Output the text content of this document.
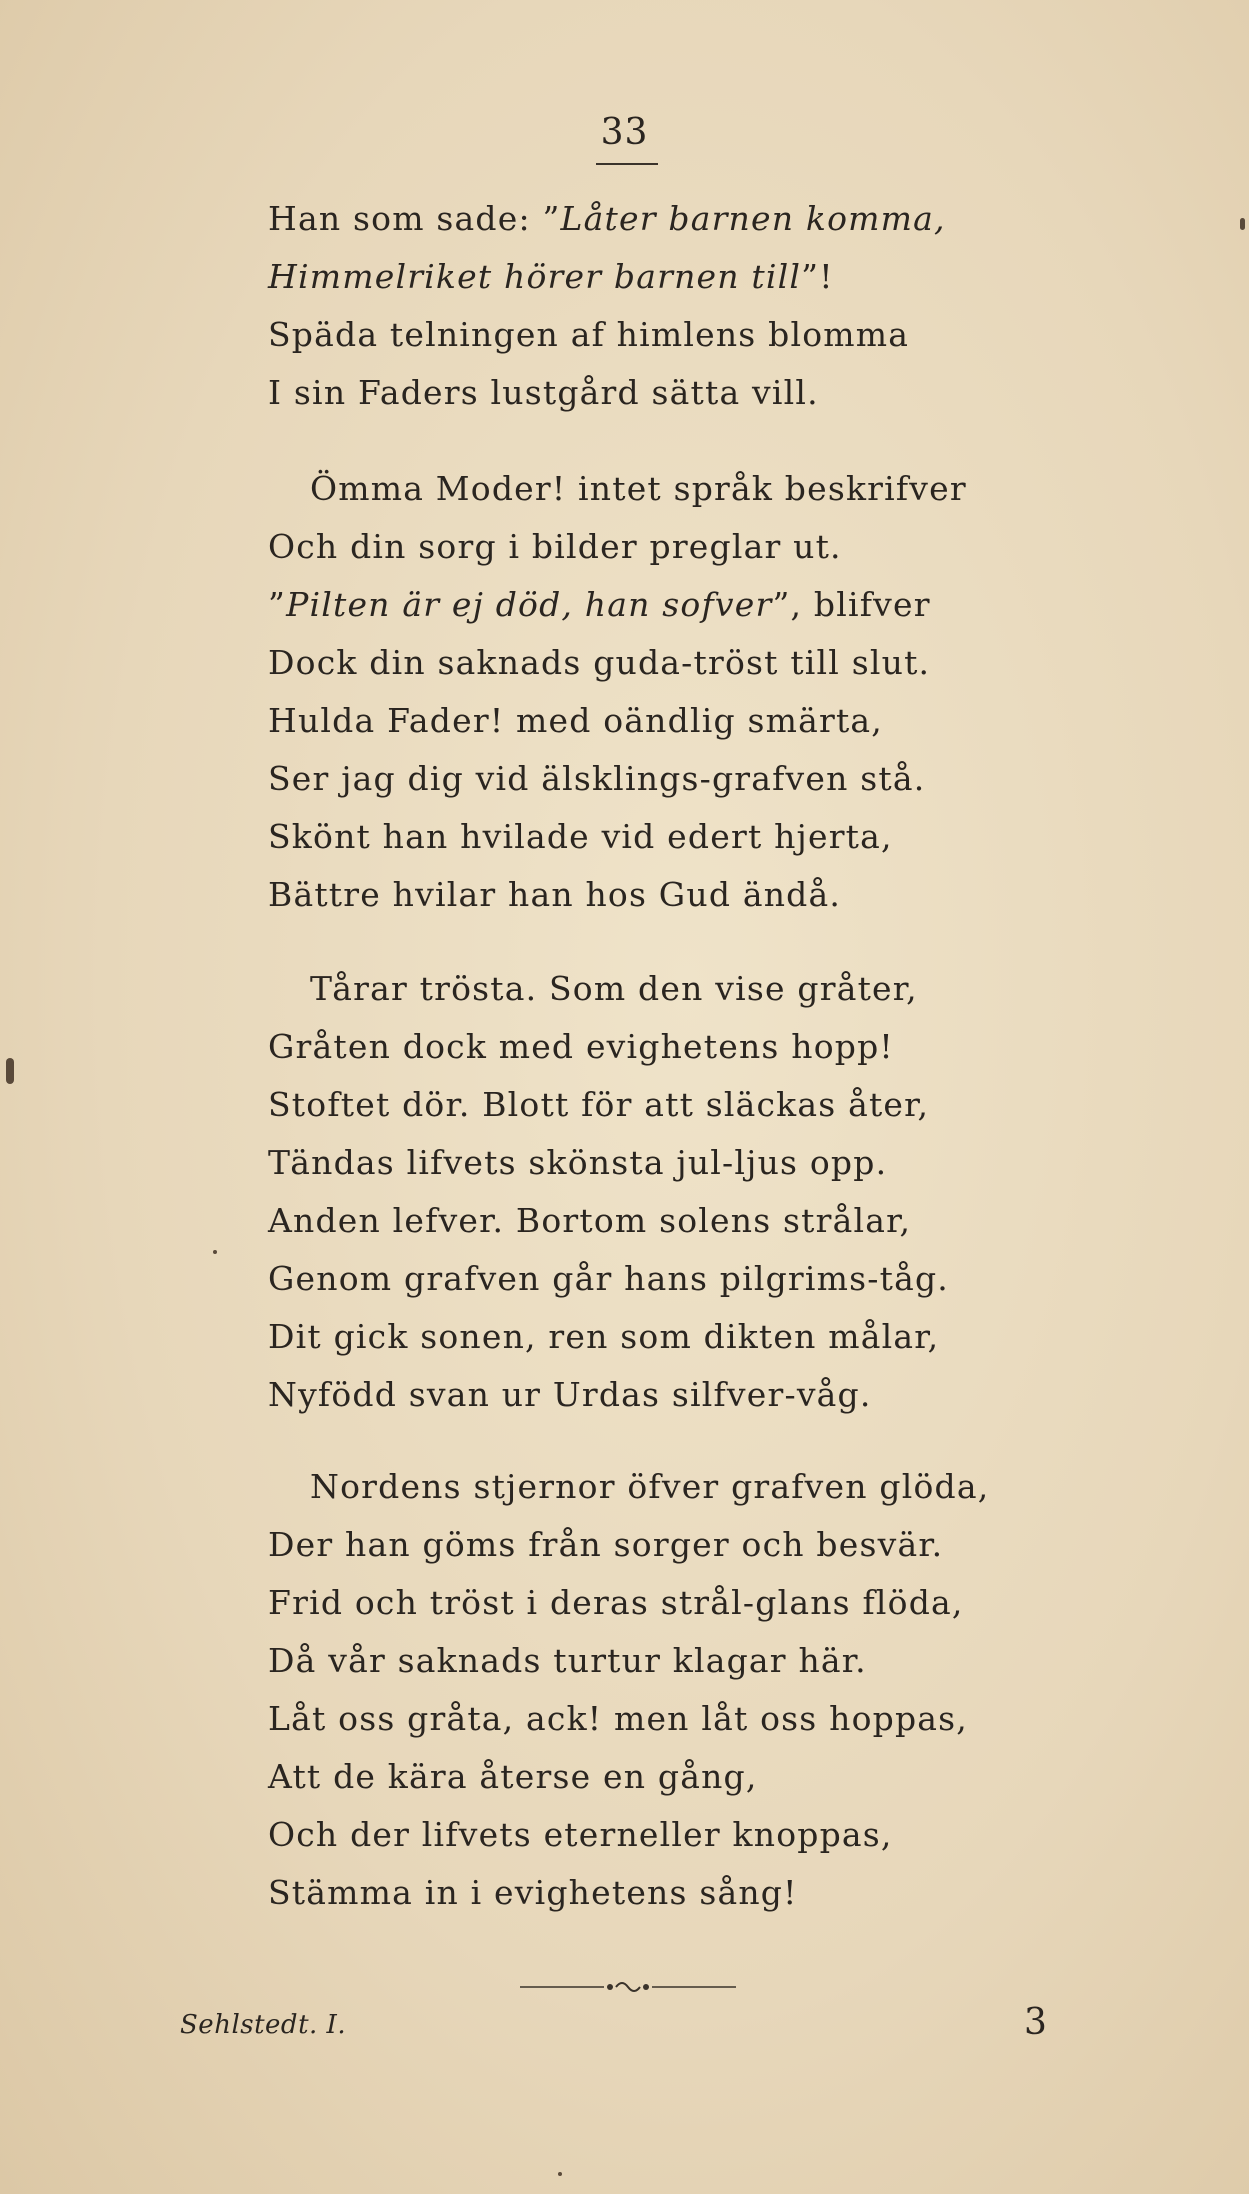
33
Han som sade: ”Låter barnen komma,
Himmelriket hörer barnen till”!
Späda telningen af himlens blomma
I sin Faders lustgård sätta vill.
Ömma Moder! intet språk beskrifver
Och din sorg i bilder preglar ut.
”Pilten är ej död, han sofver”, blifver
Dock din saknads guda-tröst till slut.
Hulda Fader! med oändlig smärta,
Ser jag dig vid älsklings-grafven stå.
Skönt han hvilade vid edert hjerta,
Bättre hvilar han hos Gud ändå.
Tårar trösta. Som den vise gråter,
Gråten dock med evighetens hopp!
Stoftet dör. Blott för att släckas åter,
Tändas lifvets skönsta jul-ljus opp.
Anden lefver. Bortom solens strålar,
Genom grafven går hans pilgrims-tåg.
Dit gick sonen, ren som dikten målar,
Nyfödd svan ur Urdas silfver-våg.
Nordens stjernor öfver grafven glöda,
Der han göms från sorger och besvär.
Frid och tröst i deras strål-glans flöda,
Då vår saknads turtur klagar här.
Låt oss gråta, ack! men låt oss hoppas,
Att de kära återse en gång,
Och der lifvets eterneller knoppas,
Stämma in i evighetens sång!
Sehlstedt. I.	3
